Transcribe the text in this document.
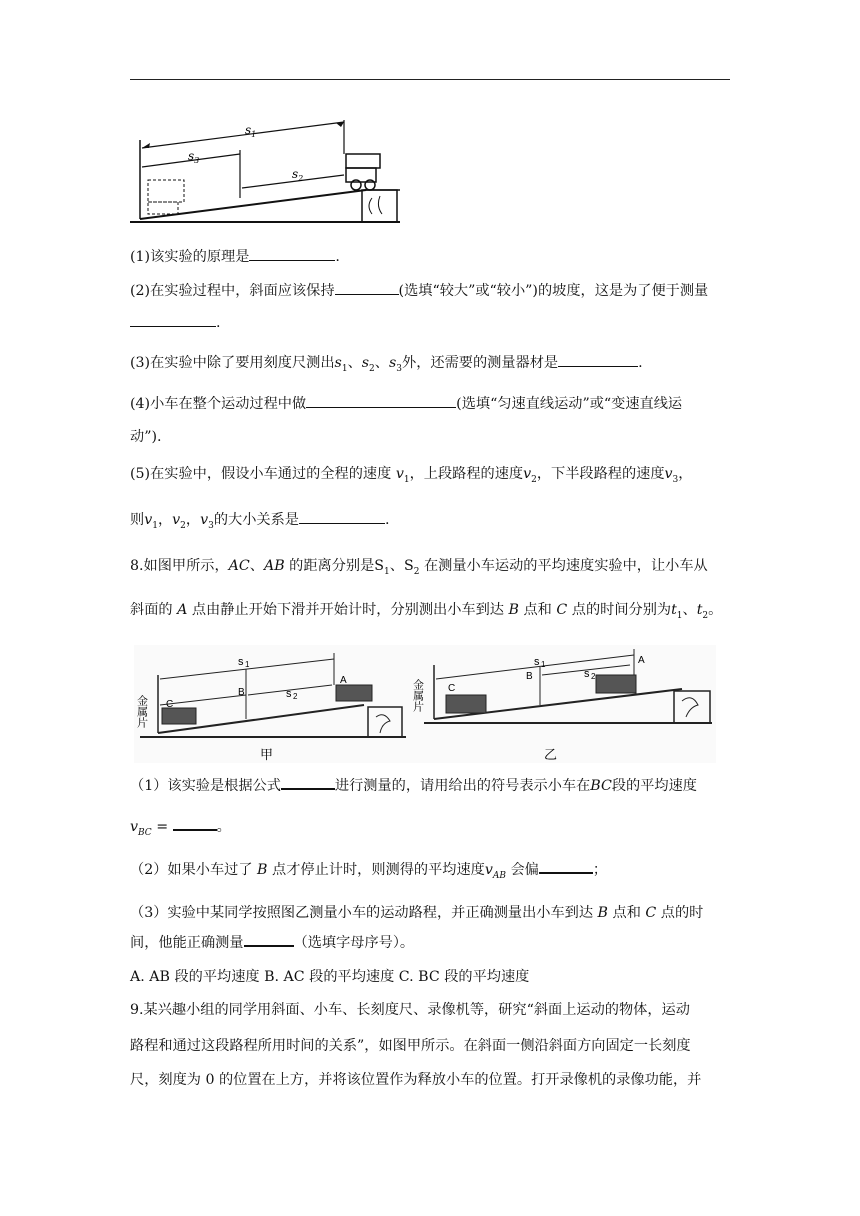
$s_1$
$s_3$
$s_2$
(1)该实验的原理是	.
(2)在实验过程中，斜面应该保持	(选填“较大”或“较小”)的坡度，这是为了便于测量
.
(3)在实验中除了要用刻度尺测出$s_1$、$s_2$、$s_3$外，还需要的测量器材是	.
(4)小车在整个运动过程中做	(选填“匀速直线运动”或“变速直线运
动”).
(5)在实验中，假设小车通过的全程的速度 $v_1$，上段路程的速度$v_2$，下半段路程的速度$v_3$，
则$v_1$，$v_2$，$v_3$的大小关系是	.
8.如图甲所示，AC、AB 的距离分别是$S_1$、$S_2$ 在测量小车运动的平均速度实验中，让小车从
斜面的 A 点由静止开始下滑并开始计时，分别测出小车到达 B 点和 C 点的时间分别为$t_1$、$t_2$。
s 1
s 2
A
B
C
金属片
甲
s 1
s 2
A
B
C
金属片
乙
（1）该实验是根据公式	进行测量的，请用给出的符号表示小车在BC段的平均速度
$v_{BC}$ =	。
（2）如果小车过了 B 点才停止计时，则测得的平均速度$v_{AB}$ 会偏	；
（3）实验中某同学按照图乙测量小车的运动路程，并正确测量出小车到达 B 点和 C 点的时
间，他能正确测量	（选填字母序号）。
A. AB 段的平均速度 B. AC 段的平均速度 C. BC 段的平均速度
9.某兴趣小组的同学用斜面、小车、长刻度尺、录像机等，研究“斜面上运动的物体，运动
路程和通过这段路程所用时间的关系”，如图甲所示。在斜面一侧沿斜面方向固定一长刻度
尺，刻度为 0 的位置在上方，并将该位置作为释放小车的位置。打开录像机的录像功能，并
